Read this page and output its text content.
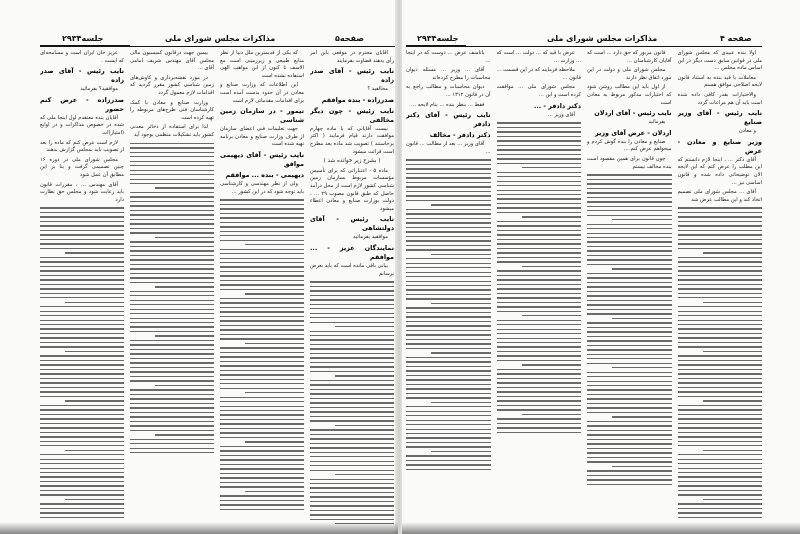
جلسه۲۹۳۴	مذاکرات مجلس شورای ملی	صفحه۵

آقایان محترم در موقعی باین امر رأی بدهند قضاوت بفرمایند

نایب رئیس - آقای صدر زاده

مخالفید ؟

صدرزاده - بنده موافقم
نایب رئیس - چون دیگر مخالفی

نیست آقایانی که با ماده چهارم موافقت دارند قیام فرمایند ( اکثر برخاستند ) تصویب شد ماده بعد مطرح است قرائت میشود

( بشرح زیر خوانده شد )

ماده ۵ - اعتباراتی که برای تأسیس مؤسسات مربوط بسازمان زمین شناسی کشور لازم است از محل درآمد حاصل که طبق قانون مصوب ۲۹ ... ، دولت بوزارت صنایع و معادن اعطاء میشود

نایب رئیس - آقای دولتشاهی

موافقید بفرمائید

نمایندگان عزیز - ... موافقم

بیانی باقی مانده است که باید بعرض برسانم

که یکی از قدیمترین ملل دنیا از نظر منابع طبیعی و زیرزمینی است مع الاسف تا کنون از این مواهب الهی استفاده نشده است

این اطلاعات که وزارت صنایع و معادن در آن حدود بدست آمده است برای اقدامات مقدماتی لازم است

تیمور - در سازمان زمین شناسی

جهت تعلیمات فنی اعضای سازمان از طرف وزارت صنایع و معادن برنامه تهیه شده است

نایب رئیس - آقای دیهیمی موافق
دیهیمی - بنده ... موافقم

ولی از نظر مهندسی و کارشناسی باید توجه شود که در این کشور ...

بیمین جهت درقانون کمیسیون مالی مجلس آقای مهندس شریف امامی آقای ...

در مورد نقشه‌برداری و کاوش‌های زمین شناسی کشور مقرر گردید که اقدامات لازم معمول گردد

وزارت صنایع و معادن با کمک کارشناسان فنی طرح‌های مربوطه را تهیه کرده است

لذا برای استفاده از ذخائر معدنی کشور باید تشکیلات منظمی بوجود آید

عزیز خان ایران است و مسامحه‌ای که ایست .

نایب رئیس - آقای صدر زاده

موافقید؟ بفرمائید

صدرزاده - عرض کنم حضور

آقایان بنده معتقدم اول اینجا ملی که شده در خصوص مذاکرات و در اوایع (امتیاز)ات

لازم است عرض کنم که ماده را بعد از تصویب باید بمجلس گزارش بدهند

مجلس شورای ملی در دوره ۱۶ چنین تصمیمی گرفت و بنا بر این مطابق آن عمل شود

آقای مهندس ... ، مقررات قانون باید رعایت شود و مجلس حق نظارت دارد

صفحه ۴
مذاکرات مجلس شورای ملی
جلسه۲۹۳۴

اولا بنده عبیدی که مجلس شورای ملی در قوانین سابق دست دیگر در این اساس ماده مجلس ...

معاملات با قید بنده به استناد قانون لایحه اصلاحی موافق هستم

والاختیارات بقدر کافی داده شده است باید آن هم مراعات گردد

نایب رئیس - آقای وزیر صنایع

و معادن

وزیر صنایع و معادن - عرض

آقای دکتر ... ، اینجا لازم دانستم که این مطلب را عرض کنم که این لایحه الان توضیحاتی داده شده و قانون اساسی نیز ...

آقای ... مجلس شورای ملی تصمیم اتخاذ کند و این مطالب عرض شد

قانون مزبور که حق دارد ... است که آقایان کارشناسان ...

مجلس شورای ملی و دولت در این مورد اتفاق نظر دارند

از اول باید این مطالب روشن شود که اختیارات مذکور مربوط به معادن است

نایب رئیس - آقای اردلان

بفرمائید

اردلان - عرض آقای وزیر

صنایع و معادن را بنده گوش کردم و میخواهم عرض کنم ...

چون قانون برای همین مقصود است بنده مخالف نیستم

عرض با قید که ... دولت ... است که ... وزارت ...

ملاحظه فرمایند که در این قسمت ... قانون ...

مجلس شورای ملی ... موافقت کرده است و این ...

دکتر دادفر - ...

آقای وزیر ...

باتاسف عرض ... دوست که در اینجا ...

آقای ... وزیر ... مسئله دیوان محاسبات را مطرح کرده‌اند

دیوان محاسبات و مطالب راجع به آن در قانون ۱۳۱۲ ...

فقط ... بنظر بنده ... بنام لایحه ...

نایب رئیس - آقای دکتر دادفر
دکتر دادفر - مخالف

آقای وزیر ... بعد از مطالب ... قانون ...
